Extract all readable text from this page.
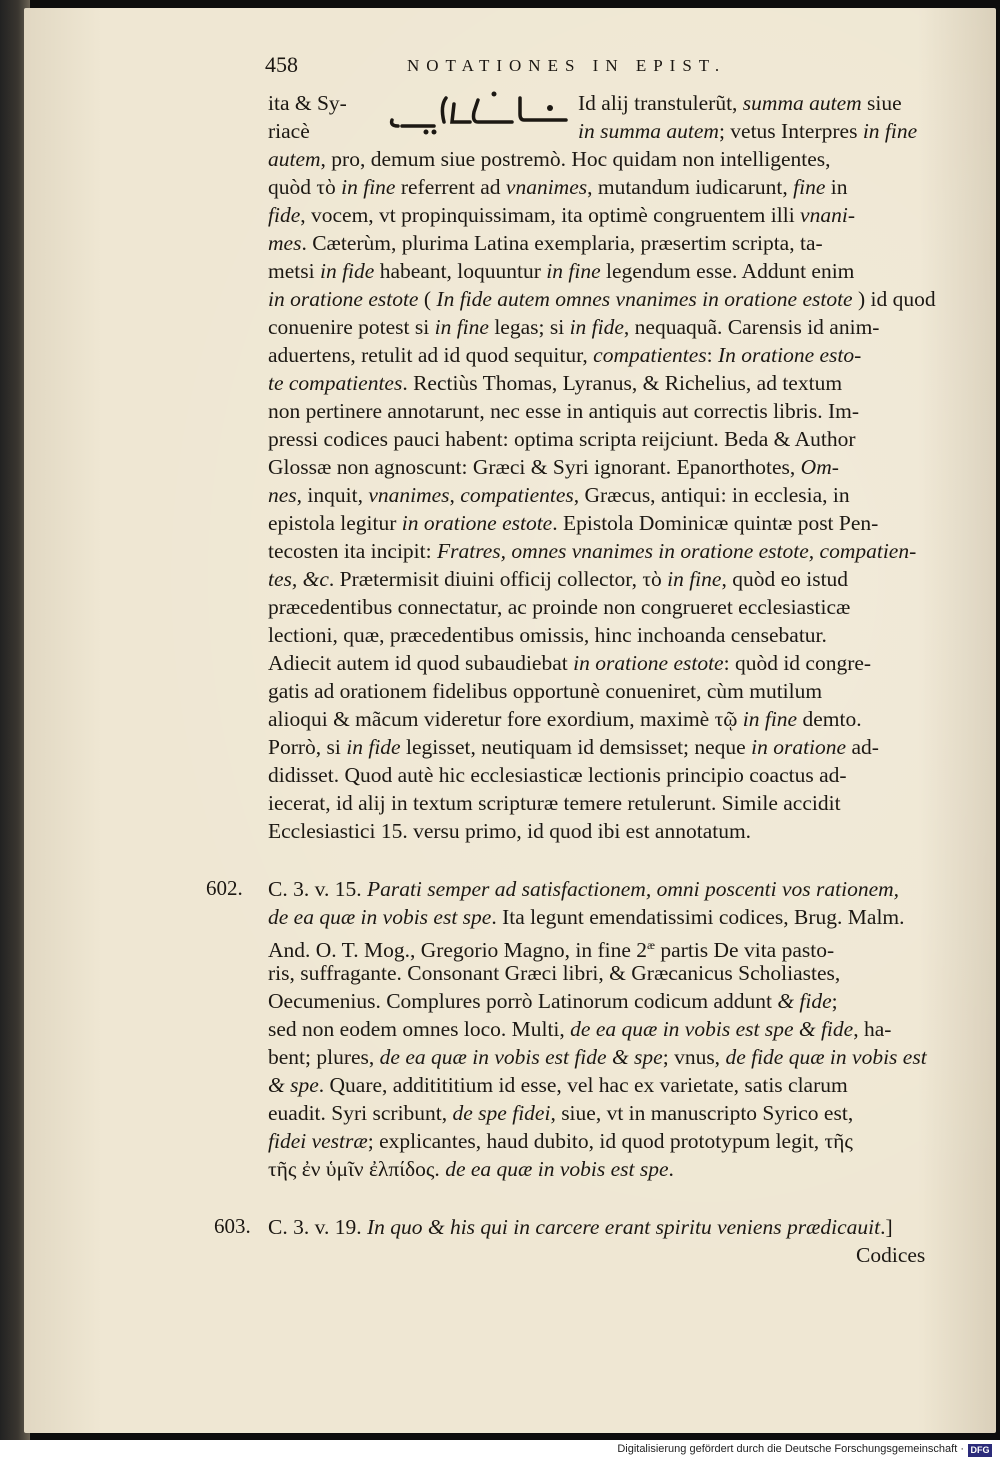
458	NOTATIONES IN EPIST.
602.
603.
ita & Sy-
riacè
Id alij transtulerũt, summa autem siue
in summa autem; vetus Interpres in fine
autem, pro, demum siue postremò. Hoc quidam non intelligentes,
quòd τὸ in fine referrent ad vnanimes, mutandum iudicarunt, fine in
fide, vocem, vt propinquissimam, ita optimè congruentem illi vnani-
mes. Cæterùm, plurima Latina exemplaria, præsertim scripta, ta-
metsi in fide habeant, loquuntur in fine legendum esse. Addunt enim
in oratione estote ( In fide autem omnes vnanimes in oratione estote ) id quod
conuenire potest si in fine legas; si in fide, nequaquã. Carensis id anim-
aduertens, retulit ad id quod sequitur, compatientes: In oratione esto-
te compatientes. Rectiùs Thomas, Lyranus, & Richelius, ad textum
non pertinere annotarunt, nec esse in antiquis aut correctis libris. Im-
pressi codices pauci habent: optima scripta reijciunt. Beda & Author
Glossæ non agnoscunt: Græci & Syri ignorant. Epanorthotes, Om-
nes, inquit, vnanimes, compatientes, Græcus, antiqui: in ecclesia, in
epistola legitur in oratione estote. Epistola Dominicæ quintæ post Pen-
tecosten ita incipit: Fratres, omnes vnanimes in oratione estote, compatien-
tes, &c. Prætermisit diuini officij collector, τὸ in fine, quòd eo istud
præcedentibus connectatur, ac proinde non congrueret ecclesiasticæ
lectioni, quæ, præcedentibus omissis, hinc inchoanda censebatur.
Adiecit autem id quod subaudiebat in oratione estote: quòd id congre-
gatis ad orationem fidelibus opportunè conueniret, cùm mutilum
alioqui & mãcum videretur fore exordium, maximè τῷ in fine demto.
Porrò, si in fide legisset, neutiquam id demsisset; neque in oratione ad-
didisset. Quod autè hic ecclesiasticæ lectionis principio coactus ad-
iecerat, id alij in textum scripturæ temere retulerunt. Simile accidit
Ecclesiastici 15. versu primo, id quod ibi est annotatum.
C. 3. v. 15. Parati semper ad satisfactionem, omni poscenti vos rationem,
de ea quæ in vobis est spe. Ita legunt emendatissimi codices, Brug. Malm.
And. O. T. Mog., Gregorio Magno, in fine $2^æ$ partis De vita pasto-
ris, suffragante. Consonant Græci libri, & Græcanicus Scholiastes,
Oecumenius. Complures porrò Latinorum codicum addunt & fide;
sed non eodem omnes loco. Multi, de ea quæ in vobis est spe & fide, ha-
bent; plures, de ea quæ in vobis est fide & spe; vnus, de fide quæ in vobis est
& spe. Quare, additititium id esse, vel hac ex varietate, satis clarum
euadit. Syri scribunt, de spe fidei, siue, vt in manuscripto Syrico est,
fidei vestræ; explicantes, haud dubito, id quod prototypum legit, τῆς
τῆς ἐν ὑμῖν ἐλπίδος. de ea quæ in vobis est spe.
C. 3. v. 19. In quo & his qui in carcere erant spiritu veniens prædicauit.]
Codices
Digitalisierung gefördert durch die Deutsche Forschungsgemeinschaft · DFG
